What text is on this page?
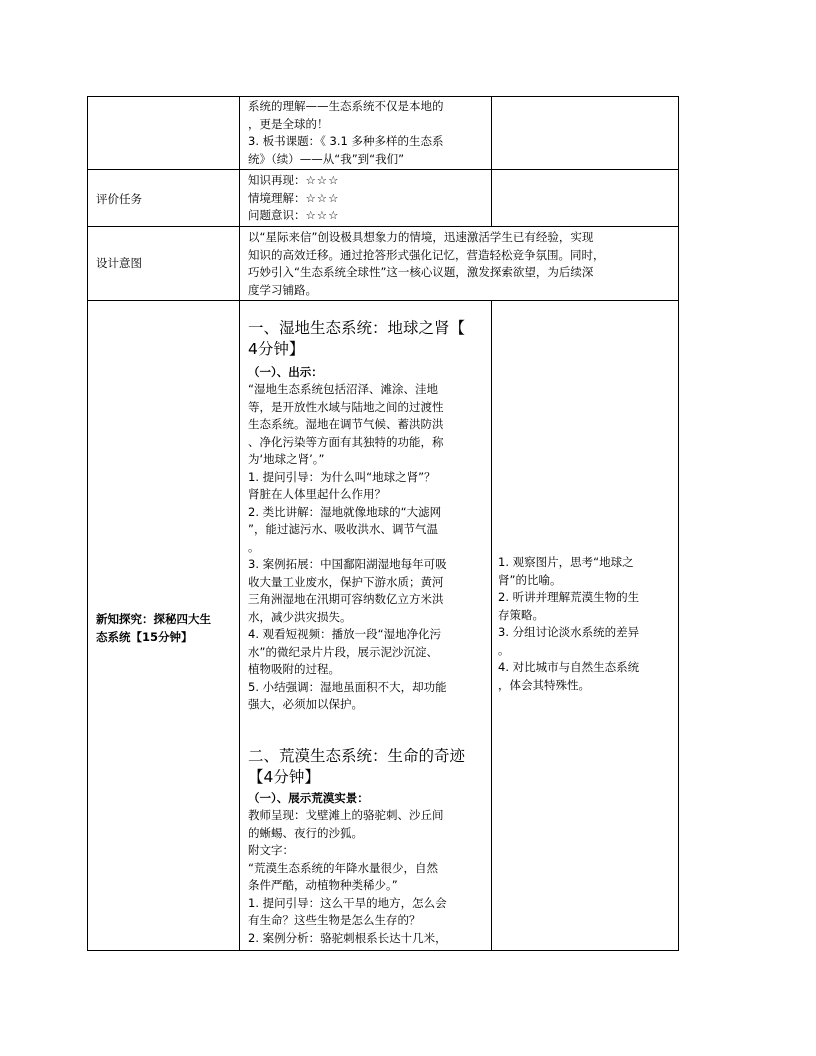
系统的理解——生态系统不仅是本地的

，更是全球的！

3. 板书课题：《 3.1 多种多样的生态系

统》（续）——从“我”到“我们”

评价任务

知识再现：☆☆☆

情境理解：☆☆☆

问题意识：☆☆☆

设计意图

以“星际来信”创设极具想象力的情境，迅速激活学生已有经验，实现

知识的高效迁移。通过抢答形式强化记忆，营造轻松竞争氛围。同时，

巧妙引入“生态系统全球性”这一核心议题，激发探索欲望，为后续深

度学习铺路。

新知探究：探秘四大生
态系统【15分钟】

一、湿地生态系统：地球之肾【

4分钟】

（一）、出示：

“湿地生态系统包括沼泽、滩涂、洼地

等，是开放性水域与陆地之间的过渡性

生态系统。湿地在调节气候、蓄洪防洪

、净化污染等方面有其独特的功能，称

为‘地球之肾’。”

1. 提问引导：为什么叫“地球之肾”？

肾脏在人体里起什么作用？

2. 类比讲解：湿地就像地球的“大滤网

”，能过滤污水、吸收洪水、调节气温

。

3. 案例拓展：中国鄱阳湖湿地每年可吸

收大量工业废水，保护下游水质；黄河

三角洲湿地在汛期可容纳数亿立方米洪

水，减少洪灾损失。

4. 观看短视频：播放一段“湿地净化污

水”的微纪录片片段，展示泥沙沉淀、

植物吸附的过程。

5. 小结强调：湿地虽面积不大，却功能

强大，必须加以保护。

二、荒漠生态系统：生命的奇迹

【4分钟】

（一）、展示荒漠实景：

教师呈现：戈壁滩上的骆驼刺、沙丘间

的蜥蜴、夜行的沙狐。

附文字：

“荒漠生态系统的年降水量很少，自然

条件严酷，动植物种类稀少。”

1. 提问引导：这么干旱的地方，怎么会

有生命？这些生物是怎么生存的？

2. 案例分析：骆驼刺根系长达十几米，

1. 观察图片，思考“地球之

肾”的比喻。

2. 听讲并理解荒漠生物的生

存策略。

3. 分组讨论淡水系统的差异

。

4. 对比城市与自然生态系统

，体会其特殊性。
